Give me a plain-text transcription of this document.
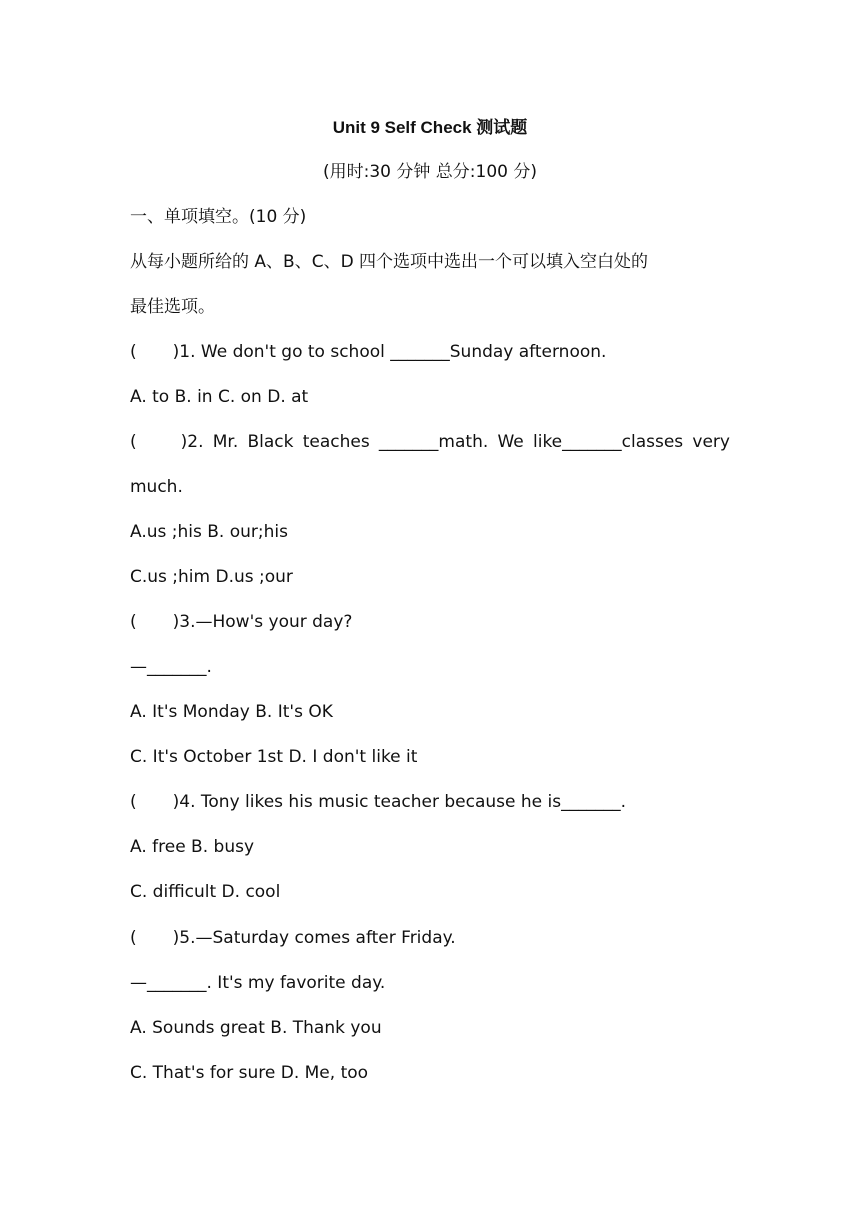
Unit 9 Self Check 测试题
(用时:30 分钟 总分:100 分)
一、单项填空。(10 分)
从每小题所给的 A、B、C、D 四个选项中选出一个可以填入空白处的
最佳选项。
( )1. We don't go to school _______Sunday afternoon.
A. to B. in C. on D. at
(	)2. Mr. Black teaches _______math. We like_______classes very
much.
A.us ;his B. our;his
C.us ;him D.us ;our
( )3.—How's your day?
—_______.
A. It's Monday B. It's OK
C. It's October 1st D. I don't like it
( )4. Tony likes his music teacher because he is_______.
A. free B. busy
C. difficult D. cool
( )5.—Saturday comes after Friday.
—_______. It's my favorite day.
A. Sounds great B. Thank you
C. That's for sure D. Me, too
